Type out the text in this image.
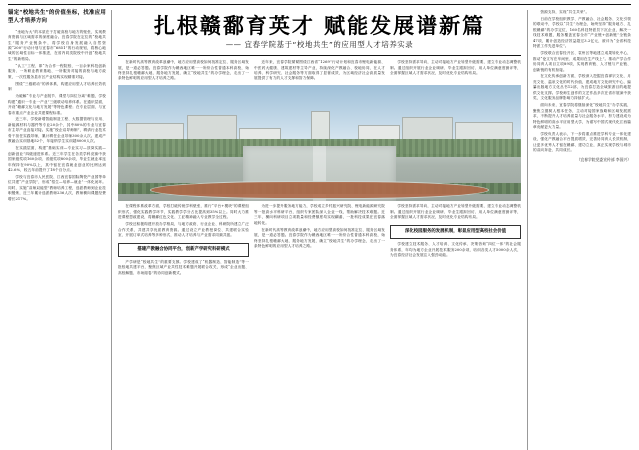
锚定“校地共生”的价值坐标，找准应用型人才培养方向

“坐地为大”的本质在于打破高校与地方的壁垒，实现教育资源与区域需求的深度融合。宜春学院在定位的“校地共生”服务产业链条中，将学校自身发展融入自然资源“200”行动计划与宜春市“6851”的行动规划，将核心地域的区域性目标一体推进，在省内同类院校中开创“校地共生”的新格局。

“认工”工程、即“为合作一程院校、一百余家科技创新服务、一所职业教育基地、一所服务对接的高校与地方政策，一次性服务县市区产业结构实现精准对接。

围绕“三级联动”的养体系，构建应用型人才培养长效机制

为破解“专业与产业脱节、课堂与岗位分离”难题，学校构建“通识一专业一产业”三级联动培养体系。在通识层面，开设“赣鄱文化与地方发展”等特色课程；在专业层面，与宜春市重点产业企业共建课程标准。

近三年，学校新增智能制造工程、大数据管理与应用、新能源材料与器件等专业20余个，其中80%的专业与宜春市主导产业直接对接。实施“校企双导师制”，聘请行业技术骨干担任实践导师，累计聘任企业导师300余人次。建成产教融合实训基地52个，年接纳学生实训超8000人次。

在实践层面，构建“基础实训—专业实习—顶岗实践—创新创业”四级递进体系。近三年学生在各类学科竞赛中获国家级奖项160余项、省级奖项800余项，毕业生就业率连年保持在90%以上，其中留在宜春就业创业的比例达到42.6%，较五年前提升了18个百分点。

学校与宜春市人民医院、江西宜春国际陶瓷产业园等单位共建“产业学院”，形成“招生—培养—就业”一体化闭环。同时，实施“双师双能型”教师培养工程，选派教师到企业挂职锻炼，近三年累计选派教师236人次，教师横向课题经费增长217%。

扎根赣鄱育英才 赋能发展谱新篇
—— 宜春学院基于“校地共生”的应用型人才培养实录

在新时代高等教育改革浪潮中，地方应用型高校如何找准定位、服务区域发展，是一道必答题。宜春学院作为赣西地区唯一一所综合性普通本科高校，始终坚持扎根赣鄱大地、服务地方发展，确立“校地共生”的办学理念，走出了一条特色鲜明的应用型人才培养之路。

近年来，宜春学院紧紧围绕江西省“1269”行动计划和宜春市锂电新能源、中医药大健康、建筑建材等主导产业，持续深化产教融合、校地协同，在人才培养、科学研究、社会服务等方面取得了显著成效，为区域经济社会高质量发展提供了有力的人才支撑和智力保障。

学校坚持需求导向，主动对接地方产业转型升级需要，建立专业动态调整机制。通过组织开展行业企业调研、毕业生跟踪回访、用人单位满意度测评等，全面掌握区域人才需求状况，及时优化专业结构布局。

在课程体系改革方面，学校打破传统学科壁垒，推行“平台+模块”的课程组织形式，强化实践教学环节，实践教学学分占比提高到35%以上。同时大力推进课程思政建设，将赣鄱红色文化、工匠精神融入专业教学全过程。

学校还积极构建开放办学格局，与地方政府、行业企业、科研院所建立广泛合作关系，共建共享优质教育资源。通过设立产业教授岗位、共建联合实验室、开展订单式培养等多种形式，推动人才培养与产业需求同频共振。

搭建产教融合协同平台，创新产学研究科研模式

产学研是“校地共生”的重要支撑。学校建成了“机器制造、智能制造”等一批校地共建平台，聚焦区域产业共性技术难题开展联合攻关，形成“企业出题、高校解题、市场阅卷”的协同创新模式。

为进一步提升服务地方能力，学校成立乡村振兴研究院、锂电新能源研究院等一批高水平科研平台，组织专家团队深入企业一线，帮助解决技术难题。近三年，横向科研项目立项数量和经费额度均实现翻番，一批科技成果在宜春落地转化。

在新时代高等教育改革浪潮中，地方应用型高校如何找准定位、服务区域发展，是一道必答题。宜春学院作为赣西地区唯一一所综合性普通本科高校，始终坚持扎根赣鄱大地、服务地方发展，确立“校地共生”的办学理念，走出了一条特色鲜明的应用型人才培养之路。

学校坚持需求导向，主动对接地方产业转型升级需要，建立专业动态调整机制。通过组织开展行业企业调研、毕业生跟踪回访、用人单位满意度测评等，全面掌握区域人才需求状况，及时优化专业结构布局。

深化校园服务的发展机制，彰显应用型高校社会价值

学校建立技术服务、人才培训、文化传承、决策咨询“四位一体”的社会服务体系，年均为地方企业开展技术服务200余项，培训各类人才5000余人次，为宜春经济社会发展注入强劲动能。

资源支持，实现“共生共荣”。

日前在学校组织教学、产教融合、社会服务、文化引领的联动中，学校以“共生”为理念，始终坚持“服务地方、扎根赣鄱”的办学定位，160名科技特派员下沉企业，解决一线技术难题，服务覆盖宜春全市“产业链+创新链”全链条47项，累计创造经济效益超过3.2亿元，被评为“全省科技特派工作先进单位”。

学校联合宜春经开区、袁州区等地建立成果转化中心，推动“论文写在车间里、成果用在生产线上”。推动产学合作协同育人项目立项89项，实现教育链、人才链与产业链、创新链的有机衔接。

在文化传承创新方面，学校深入挖掘宜春禅宗文化、月亮文化、温泉文化的时代价值，建成地方文化研究中心，编纂出版地方文化丛书12部，为宜春打造全域旅游目的地提供文化支撑。学校师生创作的文艺作品多次在省市展演中获奖，文化服务品牌影响力持续扩大。

面向未来，宜春学院将继续深化“校地共生”办学实践，聚焦立德树人根本任务，主动对接国家战略和区域发展需求，不断提升人才培养质量与社会服务水平，努力建设成为特色鲜明的高水平应用型大学，为谱写中国式现代化江西篇章贡献更大力量。

学校负责人表示，下一步将重点推进学科专业一体化建设，强化产教融合平台提质增效，完善协同育人长效机制，让更多优秀人才留在赣鄱、建功立业，真正实现学校与城市的双向奔赴、共同成长。

（宜春学院党委宣传部 李国兴）
